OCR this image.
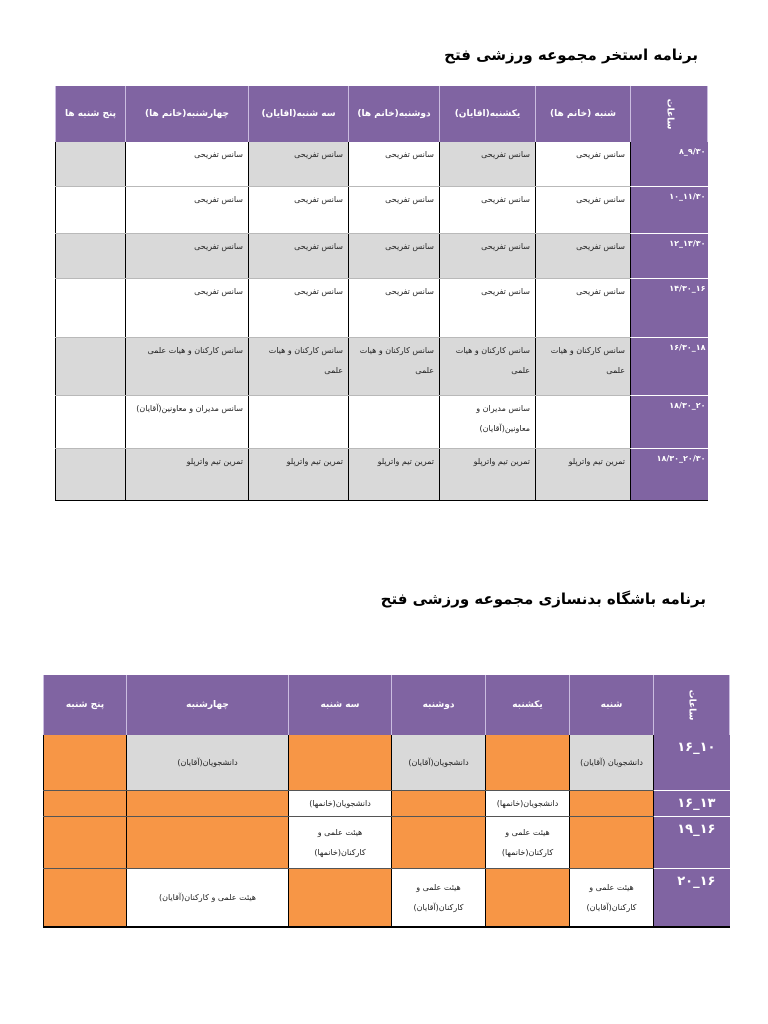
برنامه استخر مجموعه ورزشی فتح
پنج شنبه ها	چهارشنبه(خانم ها)	سه شنبه(اقایان)	دوشنبه(خانم ها)	یکشنبه(اقایان)	شنبه (خانم ها)	ساعات
	سانس تفریحی	سانس تفریحی	سانس تفریحی	سانس تفریحی	سانس تفریحی	۸_۹/۳۰
	سانس تفریحی	سانس تفریحی	سانس تفریحی	سانس تفریحی	سانس تفریحی	۱۰_۱۱/۳۰
	سانس تفریحی	سانس تفریحی	سانس تفریحی	سانس تفریحی	سانس تفریحی	۱۲_۱۳/۳۰
	سانس تفریحی	سانس تفریحی	سانس تفریحی	سانس تفریحی	سانس تفریحی	۱۴/۳۰_۱۶
	سانس کارکنان و هیات علمی	سانس کارکنان و هیات علمی	سانس کارکنان و هیات علمی	سانس کارکنان و هیات علمی	سانس کارکنان و هیات علمی	۱۶/۳۰_۱۸
	سانس مدیران و معاونین(آقایان)			سانس مدیران و معاونین(آقایان)		۱۸/۳۰_۲۰
	تمرین تیم واترپلو	تمرین تیم واترپلو	تمرین تیم واترپلو	تمرین تیم واترپلو	تمرین تیم واترپلو	۱۸/۳۰_۲۰/۳۰
برنامه باشگاه بدنسازی مجموعه ورزشی فتح
پنج شنبه	چهارشنبه	سه شنبه	دوشنبه	یکشنبه	شنبه	ساعات
	دانشجویان(آقایان)		دانشجویان(آقایان)		دانشجویان (آقایان)	۱۶_۱۰
		دانشجویان(خانمها)		دانشجویان(خانمها)		۱۶_۱۳
		هیئت علمی و کارکنان(خانمها)		هیئت علمی و کارکنان(خانمها)		۱۹_۱۶
	هیئت علمی و کارکنان(آقایان)		هیئت علمی و کارکنان(آقایان)		هیئت علمی و کارکنان(آقایان)	۲۰_۱۶
